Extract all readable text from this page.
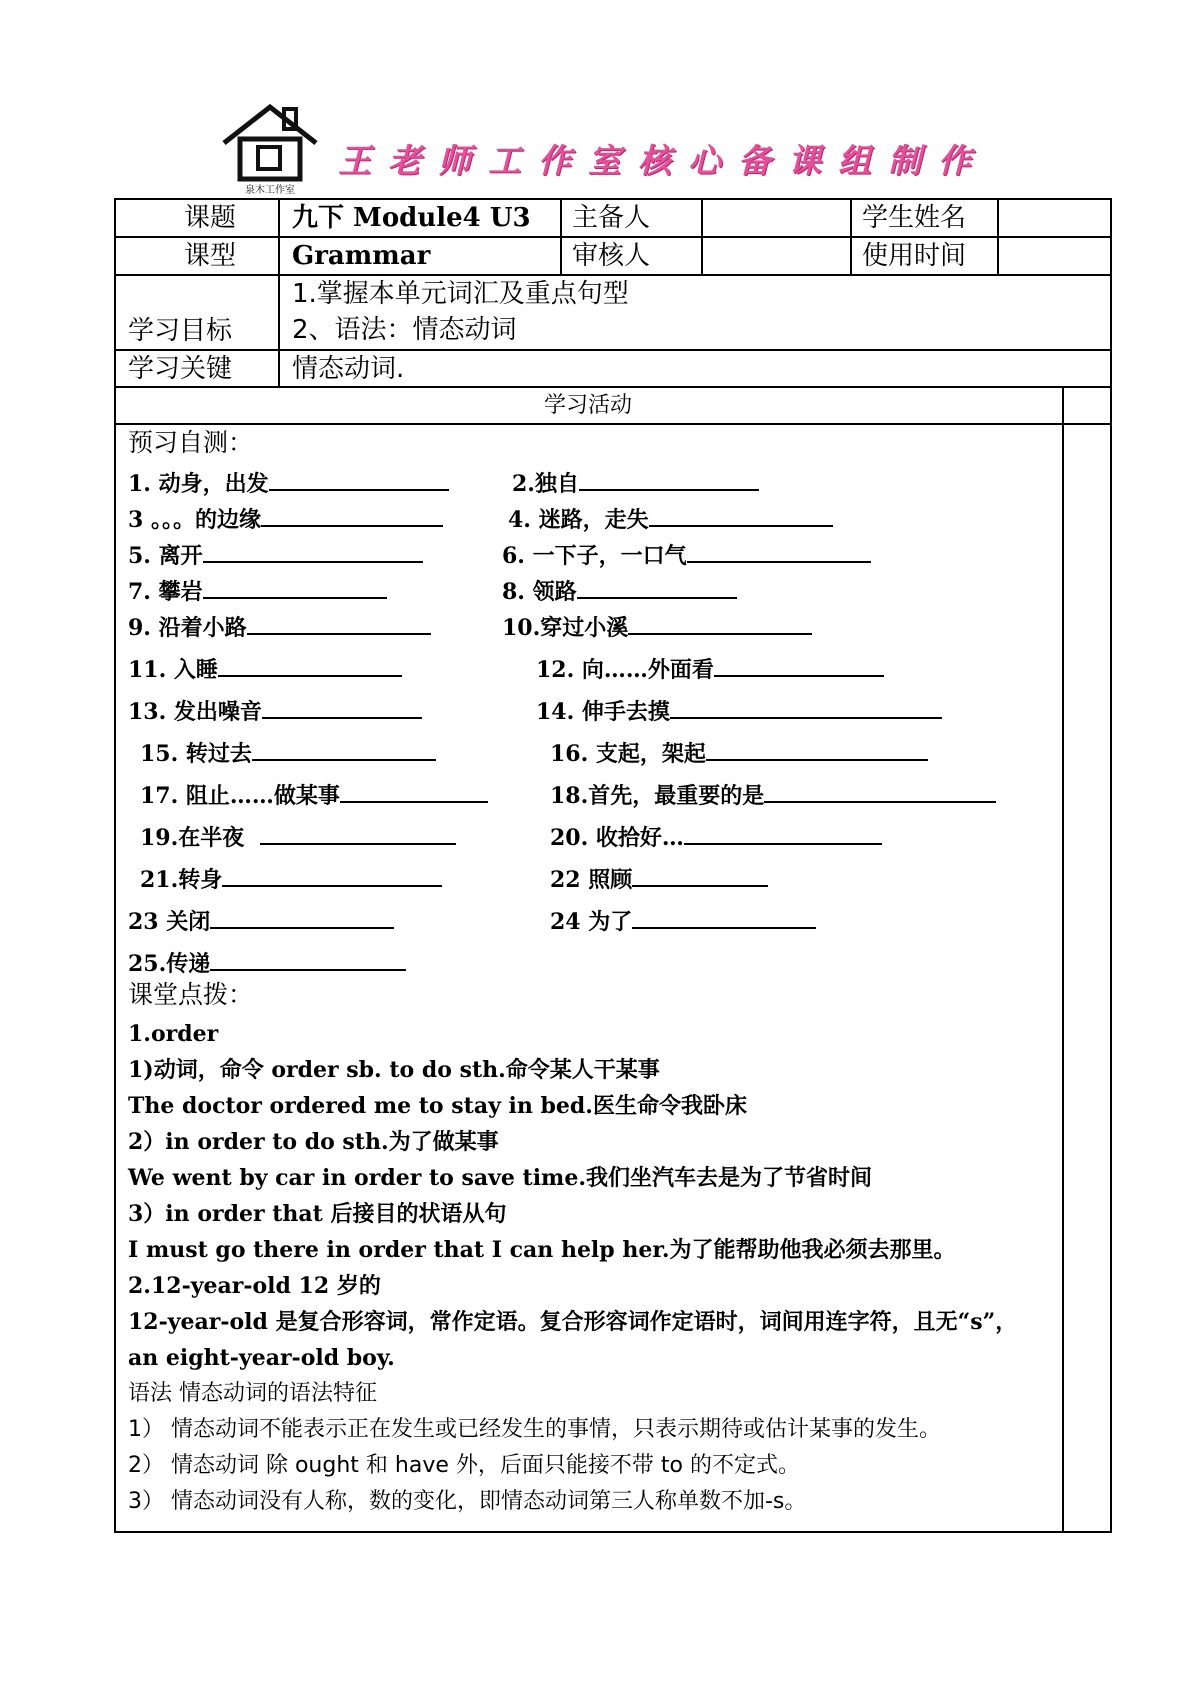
泉木工作室
王老师工作室核心备课组制作
课题 九下 Module4 U3 主备人	学生姓名
课型 Grammar	审核人	使用时间
学习目标
1.掌握本单元词汇及重点句型
2、语法：情态动词
学习关键 情态动词.
学习活动
预习自测：
1. 动身，出发	2.独自
3 。。。的边缘	4. 迷路，走失
5. 离开	6. 一下子，一口气
7. 攀岩	8. 领路
9. 沿着小路	10.穿过小溪
11. 入睡	12. 向……外面看
13. 发出噪音	14. 伸手去摸
15. 转过去	16. 支起，架起
17. 阻止……做某事	18.首先，最重要的是
19.在半夜	20. 收拾好…
21.转身	22 照顾
23 关闭	24 为了
25.传递
课堂点拨：
1.order
1)动词，命令 order sb. to do sth.命令某人干某事
The doctor ordered me to stay in bed.医生命令我卧床
2）in order to do sth.为了做某事
We went by car in order to save time.我们坐汽车去是为了节省时间
3）in order that 后接目的状语从句
I must go there in order that I can help her.为了能帮助他我必须去那里。
2.12-year-old 12 岁的
12-year-old 是复合形容词，常作定语。复合形容词作定语时，词间用连字符，且无“s”，
an eight-year-old boy.
语法 情态动词的语法特征
1） 情态动词不能表示正在发生或已经发生的事情，只表示期待或估计某事的发生。
2） 情态动词 除 ought 和 have 外，后面只能接不带 to 的不定式。
3） 情态动词没有人称，数的变化，即情态动词第三人称单数不加-s。
